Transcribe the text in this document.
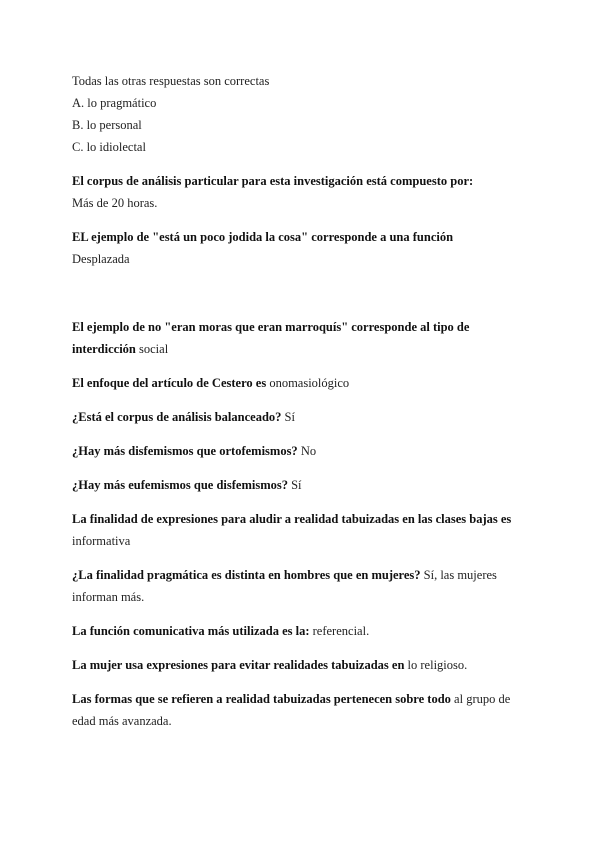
Todas las otras respuestas son correctas
A. lo pragmático
B. lo personal
C. lo idiolectal
El corpus de análisis particular para esta investigación está compuesto por:
Más de 20 horas.
EL ejemplo de "está un poco jodida la cosa" corresponde a una función
Desplazada
El ejemplo de no "eran moras que eran marroquís" corresponde al tipo de interdicción social
El enfoque del artículo de Cestero es onomasiológico
¿Está el corpus de análisis balanceado? Sí
¿Hay más disfemismos que ortofemismos? No
¿Hay más eufemismos que disfemismos? Sí
La finalidad de expresiones para aludir a realidad tabuizadas en las clases bajas es informativa
¿La finalidad pragmática es distinta en hombres que en mujeres? Sí, las mujeres informan más.
La función comunicativa más utilizada es la: referencial.
La mujer usa expresiones para evitar realidades tabuizadas en lo religioso.
Las formas que se refieren a realidad tabuizadas pertenecen sobre todo al grupo de edad más avanzada.
